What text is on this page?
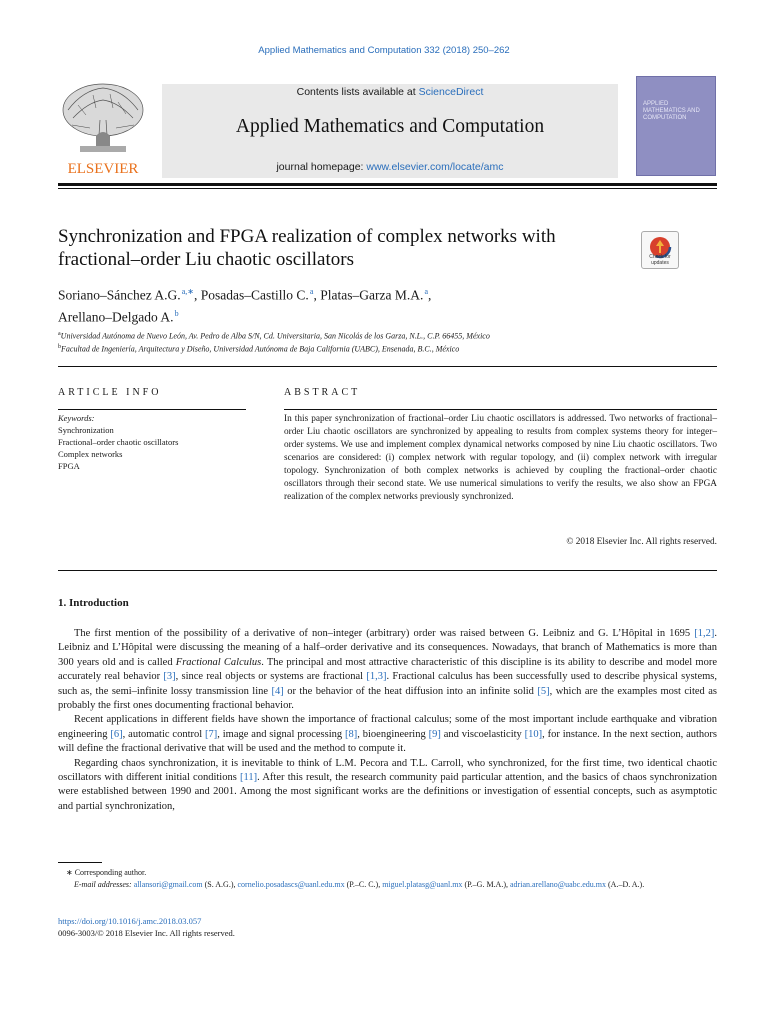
Applied Mathematics and Computation 332 (2018) 250–262
ELSEVIER
Contents lists available at ScienceDirect
Applied Mathematics and Computation
journal homepage: www.elsevier.com/locate/amc
APPLIED MATHEMATICS AND COMPUTATION
Synchronization and FPGA realization of complex networks with fractional–order Liu chaotic oscillators	Check for updates
Soriano–Sánchez A.G. $^{a,∗}$, Posadas–Castillo C. $^a$, Platas–Garza M.A. $^a$,
Arellano–Delgado A. $^b$
$^a$Universidad Autónoma de Nuevo León, Av. Pedro de Alba S/N, Cd. Universitaria, San Nicolás de los Garza, N.L., C.P. 66455, México
$^b$Facultad de Ingeniería, Arquitectura y Diseño, Universidad Autónoma de Baja California (UABC), Ensenada, B.C., México
ARTICLE INFO	ABSTRACT
Keywords:
Synchronization
Fractional–order chaotic oscillators
Complex networks
FPGA
In this paper synchronization of fractional–order Liu chaotic oscillators is addressed. Two networks of fractional–order Liu chaotic oscillators are synchronized by appealing to results from complex systems theory for integer–order systems. We use and implement complex dynamical networks composed by nine Liu chaotic oscillators. Two scenarios are considered: (i) complex network with regular topology, and (ii) complex network with irregular topology. Synchronization of both complex networks is achieved by coupling the fractional–order chaotic oscillators through their second state. We use numerical simulations to verify the results, we also show an FPGA realization of the complex networks previously synchronized.
© 2018 Elsevier Inc. All rights reserved.
1. Introduction

The first mention of the possibility of a derivative of non–integer (arbitrary) order was raised between G. Leibniz and G. L’Hôpital in 1695 [1,2]. Leibniz and L’Hôpital were discussing the meaning of a half–order derivative and its consequences. Nowadays, that branch of Mathematics is more than 300 years old and is called Fractional Calculus. The principal and most attractive characteristic of this discipline is its ability to describe and model more accurately real behavior [3], since real objects or systems are fractional [1,3]. Fractional calculus has been successfully used to describe physical systems, such as, the semi–infinite lossy transmission line [4] or the behavior of the heat diffusion into an infinite solid [5], which are the examples most cited as probably the first ones documenting fractional behavior.

Recent applications in different fields have shown the importance of fractional calculus; some of the most important include earthquake and vibration engineering [6], automatic control [7], image and signal processing [8], bioengineering [9] and viscoelasticity [10], for instance. In the next section, authors will define the fractional derivative that will be used and the method to compute it.

Regarding chaos synchronization, it is inevitable to think of L.M. Pecora and T.L. Carroll, who synchronized, for the first time, two identical chaotic oscillators with different initial conditions [11]. After this result, the research community paid particular attention, and the basics of chaos synchronization were established between 1990 and 2001. Among the most significant works are the definitions or investigation of essential concepts, such as asymptotic and partial synchronization,

 ∗ Corresponding author.
  E-mail addresses: allansori@gmail.com (S. A.G.), cornelio.posadascs@uanl.edu.mx (P.–C. C.), miguel.platasg@uanl.mx (P.–G. M.A.), adrian.arellano@uabc.edu.mx (A.–D. A.).
https://doi.org/10.1016/j.amc.2018.03.057
0096-3003/© 2018 Elsevier Inc. All rights reserved.
